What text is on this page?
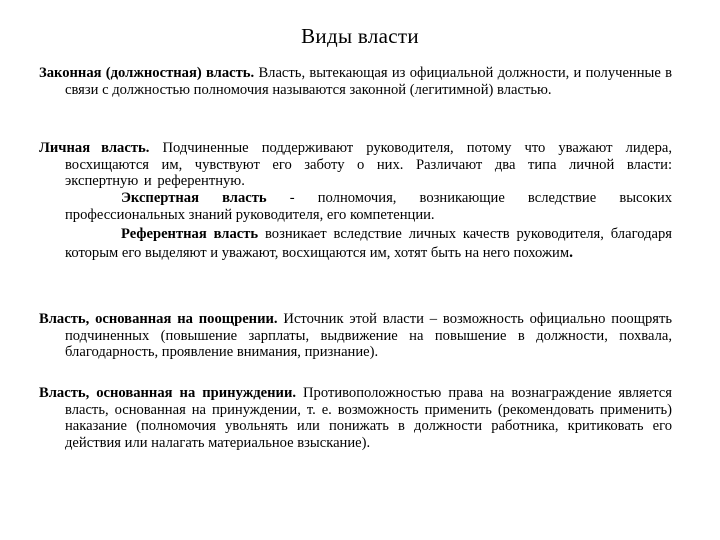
Виды власти
Законная (должностная) власть. Власть, вытекающая из официальной должности, и полученные в связи с должностью полномочия называются законной (легитимной) властью.
Личная власть. Подчиненные поддерживают руководителя, потому что уважают лидера, восхищаются им, чувствуют его заботу о них. Различают два типа личной власти: экспертную и референтную.
Экспертная власть - полномочия, возникающие вследствие высоких профессиональных знаний руководителя, его компетенции.
Референтная власть возникает вследствие личных качеств руководителя, благодаря которым его выделяют и уважают, восхищаются им, хотят быть на него похожим.
Власть, основанная на поощрении. Источник этой власти – возможность официально поощрять подчиненных (повышение зарплаты, выдвижение на повышение в должности, похвала, благодарность, проявление внимания, признание).
Власть, основанная на принуждении. Противоположностью права на вознаграждение является власть, основанная на принуждении, т. е. возможность применить (рекомендовать применить) наказание (полномочия увольнять или понижать в должности работника, критиковать его действия или налагать материальное взыскание).
